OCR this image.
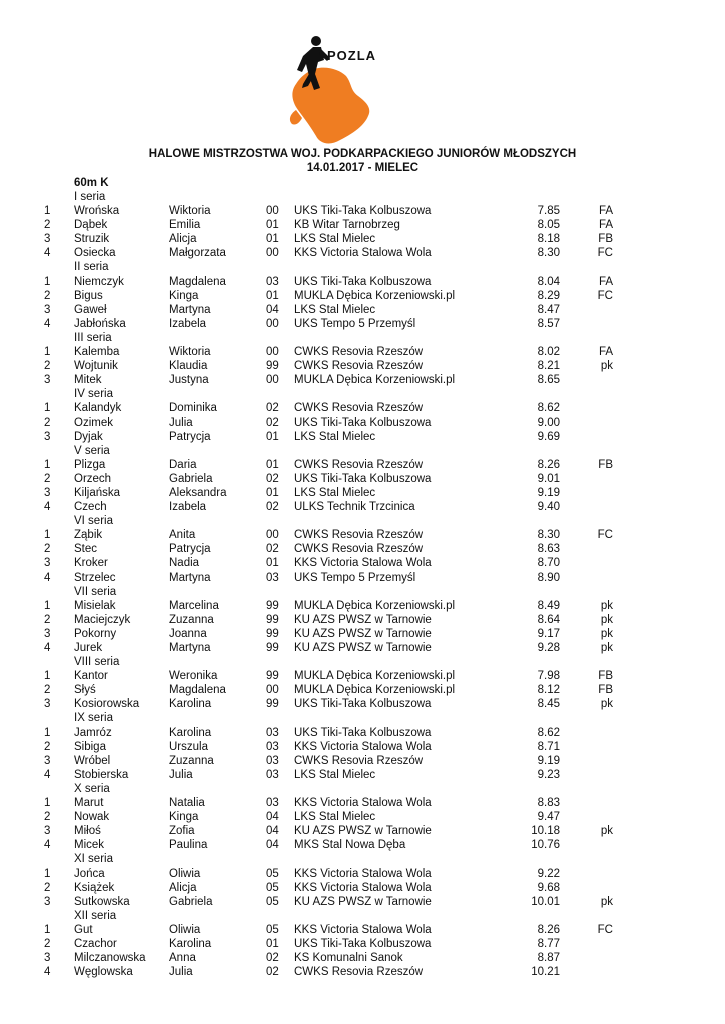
POZLA
HALOWE MISTRZOSTWA WOJ. PODKARPACKIEGO JUNIORÓW MŁODSZYCH
14.01.2017 - MIELEC
60m K
I seria
1 Wrońska	Wiktoria	00 UKS Tiki-Taka Kolbuszowa	7.85	FA
2 Dąbek	Emilia	01 KB Witar Tarnobrzeg	8.05	FA
3 Struzik	Alicja	01 LKS Stal Mielec	8.18	FB
4 Osiecka	Małgorzata	00 KKS Victoria Stalowa Wola	8.30	FC
II seria
1 Niemczyk	Magdalena	03 UKS Tiki-Taka Kolbuszowa	8.04	FA
2 Bigus	Kinga	01 MUKLA Dębica Korzeniowski.pl	8.29	FC
3 Gaweł	Martyna	04 LKS Stal Mielec	8.47
4 Jabłońska	Izabela	00 UKS Tempo 5 Przemyśl	8.57
III seria
1 Kalemba	Wiktoria	00 CWKS Resovia Rzeszów	8.02	FA
2 Wojtunik	Klaudia	99 CWKS Resovia Rzeszów	8.21	pk
3 Mitek	Justyna	00 MUKLA Dębica Korzeniowski.pl	8.65
IV seria
1 Kalandyk	Dominika	02 CWKS Resovia Rzeszów	8.62
2 Ozimek	Julia	02 UKS Tiki-Taka Kolbuszowa	9.00
3 Dyjak	Patrycja	01 LKS Stal Mielec	9.69
V seria
1 Plizga	Daria	01 CWKS Resovia Rzeszów	8.26	FB
2 Orzech	Gabriela	02 UKS Tiki-Taka Kolbuszowa	9.01
3 Kiljańska	Aleksandra	01 LKS Stal Mielec	9.19
4 Czech	Izabela	02 ULKS Technik Trzcinica	9.40
VI seria
1 Ząbik	Anita	00 CWKS Resovia Rzeszów	8.30	FC
2 Stec	Patrycja	02 CWKS Resovia Rzeszów	8.63
3 Kroker	Nadia	01 KKS Victoria Stalowa Wola	8.70
4 Strzelec	Martyna	03 UKS Tempo 5 Przemyśl	8.90
VII seria
1 Misielak	Marcelina	99 MUKLA Dębica Korzeniowski.pl	8.49	pk
2 Maciejczyk	Zuzanna	99 KU AZS PWSZ w Tarnowie	8.64	pk
3 Pokorny	Joanna	99 KU AZS PWSZ w Tarnowie	9.17	pk
4 Jurek	Martyna	99 KU AZS PWSZ w Tarnowie	9.28	pk
VIII seria
1 Kantor	Weronika	99 MUKLA Dębica Korzeniowski.pl	7.98	FB
2 Słyś	Magdalena	00 MUKLA Dębica Korzeniowski.pl	8.12	FB
3 Kosiorowska	Karolina	99 UKS Tiki-Taka Kolbuszowa	8.45	pk
IX seria
1 Jamróz	Karolina	03 UKS Tiki-Taka Kolbuszowa	8.62
2 Sibiga	Urszula	03 KKS Victoria Stalowa Wola	8.71
3 Wróbel	Zuzanna	03 CWKS Resovia Rzeszów	9.19
4 Stobierska	Julia	03 LKS Stal Mielec	9.23
X seria
1 Marut	Natalia	03 KKS Victoria Stalowa Wola	8.83
2 Nowak	Kinga	04 LKS Stal Mielec	9.47
3 Miłoś	Zofia	04 KU AZS PWSZ w Tarnowie	10.18	pk
4 Micek	Paulina	04 MKS Stal Nowa Dęba	10.76
XI seria
1 Jońca	Oliwia	05 KKS Victoria Stalowa Wola	9.22
2 Książek	Alicja	05 KKS Victoria Stalowa Wola	9.68
3 Sutkowska	Gabriela	05 KU AZS PWSZ w Tarnowie	10.01	pk
XII seria
1 Gut	Oliwia	05 KKS Victoria Stalowa Wola	8.26	FC
2 Czachor	Karolina	01 UKS Tiki-Taka Kolbuszowa	8.77
3 Milczanowska Anna	02 KS Komunalni Sanok	8.87
4 Węglowska	Julia	02 CWKS Resovia Rzeszów	10.21
